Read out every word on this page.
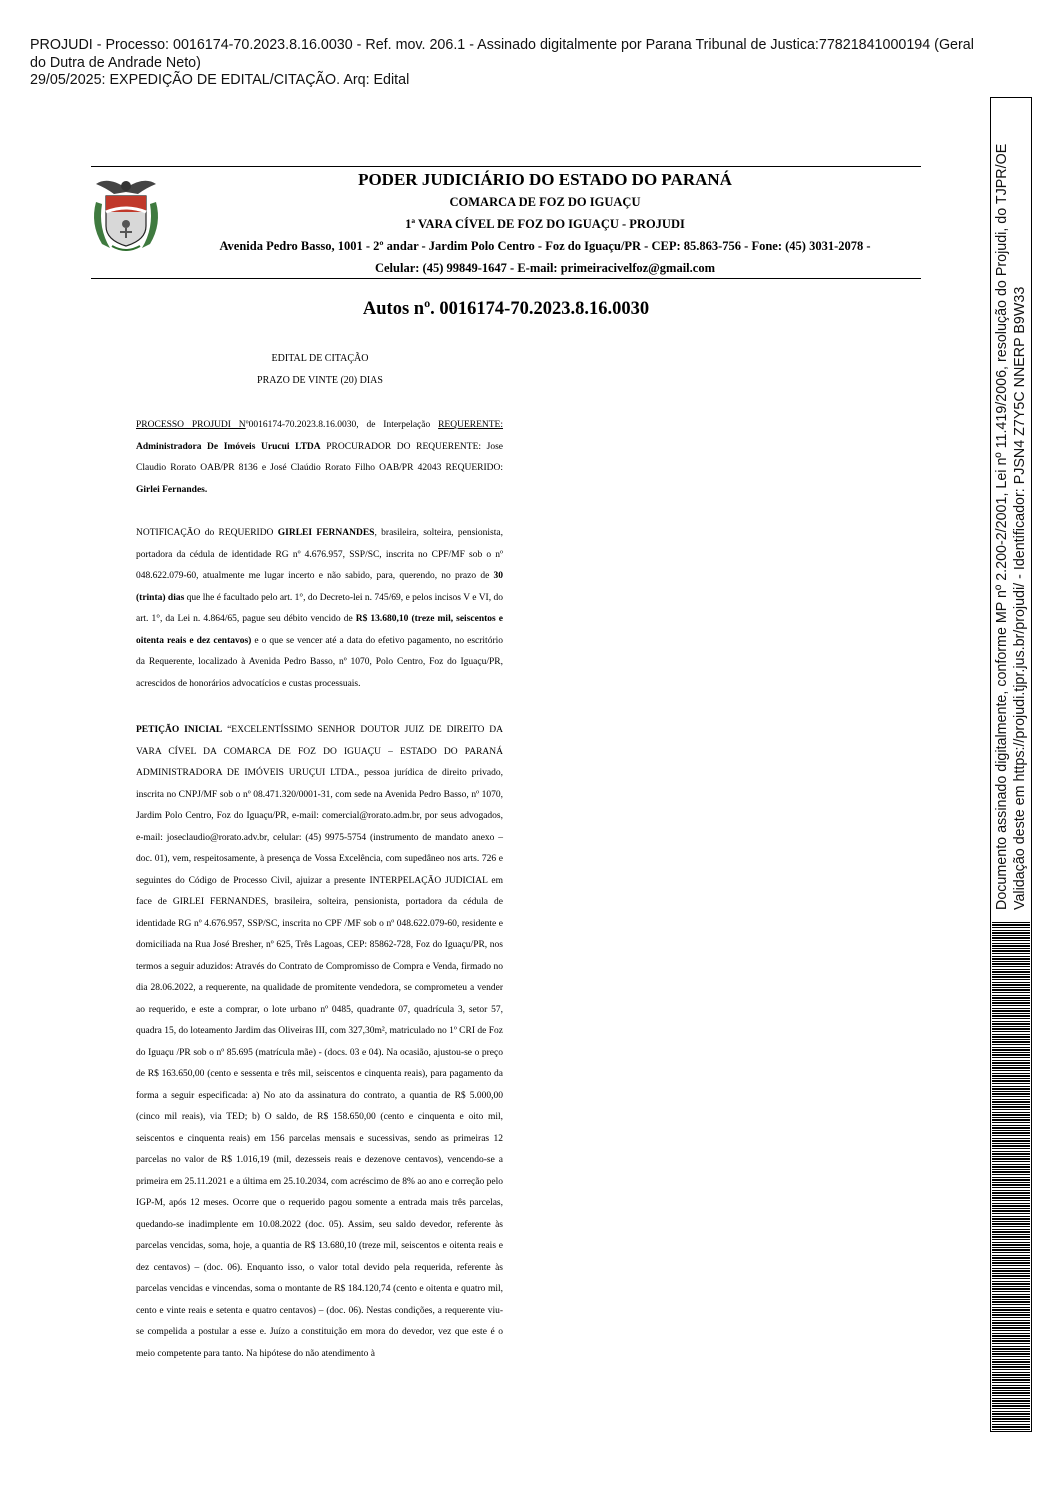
PROJUDI - Processo: 0016174-70.2023.8.16.0030 - Ref. mov. 206.1 - Assinado digitalmente por Parana Tribunal de Justica:77821841000194 (Geral
do Dutra de Andrade Neto)
29/05/2025: EXPEDIÇÃO DE EDITAL/CITAÇÃO. Arq: Edital
PODER JUDICIÁRIO DO ESTADO DO PARANÁ
COMARCA DE FOZ DO IGUAÇU
1ª VARA CÍVEL DE FOZ DO IGUAÇU - PROJUDI
Avenida Pedro Basso, 1001 - 2º andar - Jardim Polo Centro - Foz do Iguaçu/PR - CEP: 85.863-756 - Fone: (45) 3031-2078 -
Celular: (45) 99849-1647 - E-mail: primeiracivelfoz@gmail.com
Autos nº. 0016174-70.2023.8.16.0030
EDITAL DE CITAÇÃO
PRAZO DE VINTE (20) DIAS
PROCESSO PROJUDI Nº0016174-70.2023.8.16.0030, de Interpelação REQUERENTE: Administradora De Imóveis Urucui LTDA PROCURADOR DO REQUERENTE: Jose Claudio Rorato OAB/PR 8136 e José Claúdio Rorato Filho OAB/PR 42043 REQUERIDO: Girlei Fernandes.
NOTIFICAÇÃO do REQUERIDO GIRLEI FERNANDES, brasileira, solteira, pensionista, portadora da cédula de identidade RG nº 4.676.957, SSP/SC, inscrita no CPF/MF sob o nº 048.622.079-60, atualmente me lugar incerto e não sabido, para, querendo, no prazo de 30 (trinta) dias que lhe é facultado pelo art. 1°, do Decreto-lei n. 745/69, e pelos incisos V e VI, do art. 1°, da Lei n. 4.864/65, pague seu débito vencido de R$ 13.680,10 (treze mil, seiscentos e oitenta reais e dez centavos) e o que se vencer até a data do efetivo pagamento, no escritório da Requerente, localizado à Avenida Pedro Basso, nº 1070, Polo Centro, Foz do Iguaçu/PR, acrescidos de honorários advocatícios e custas processuais.
PETIÇÃO INICIAL “EXCELENTÍSSIMO SENHOR DOUTOR JUIZ DE DIREITO DA VARA CÍVEL DA COMARCA DE FOZ DO IGUAÇU – ESTADO DO PARANÁ ADMINISTRADORA DE IMÓVEIS URUÇUI LTDA., pessoa jurídica de direito privado, inscrita no CNPJ/MF sob o nº 08.471.320/0001-31, com sede na Avenida Pedro Basso, nº 1070, Jardim Polo Centro, Foz do Iguaçu/PR, e-mail: comercial@rorato.adm.br, por seus advogados, e-mail: joseclaudio@rorato.adv.br, celular: (45) 9975-5754 (instrumento de mandato anexo – doc. 01), vem, respeitosamente, à presença de Vossa Excelência, com supedâneo nos arts. 726 e seguintes do Código de Processo Civil, ajuizar a presente INTERPELAÇÃO JUDICIAL em face de GIRLEI FERNANDES, brasileira, solteira, pensionista, portadora da cédula de identidade RG nº 4.676.957, SSP/SC, inscrita no CPF /MF sob o nº 048.622.079-60, residente e domiciliada na Rua José Bresher, nº 625, Três Lagoas, CEP: 85862-728, Foz do Iguaçu/PR, nos termos a seguir aduzidos: Através do Contrato de Compromisso de Compra e Venda, firmado no dia 28.06.2022, a requerente, na qualidade de promitente vendedora, se comprometeu a vender ao requerido, e este a comprar, o lote urbano nº 0485, quadrante 07, quadrícula 3, setor 57, quadra 15, do loteamento Jardim das Oliveiras III, com 327,30m², matriculado no 1º CRI de Foz do Iguaçu /PR sob o nº 85.695 (matrícula mãe) - (docs. 03 e 04). Na ocasião, ajustou-se o preço de R$ 163.650,00 (cento e sessenta e três mil, seiscentos e cinquenta reais), para pagamento da forma a seguir especificada: a) No ato da assinatura do contrato, a quantia de R$ 5.000,00 (cinco mil reais), via TED; b) O saldo, de R$ 158.650,00 (cento e cinquenta e oito mil, seiscentos e cinquenta reais) em 156 parcelas mensais e sucessivas, sendo as primeiras 12 parcelas no valor de R$ 1.016,19 (mil, dezesseis reais e dezenove centavos), vencendo-se a primeira em 25.11.2021 e a última em 25.10.2034, com acréscimo de 8% ao ano e correção pelo IGP-M, após 12 meses. Ocorre que o requerido pagou somente a entrada mais três parcelas, quedando-se inadimplente em 10.08.2022 (doc. 05). Assim, seu saldo devedor, referente às parcelas vencidas, soma, hoje, a quantia de R$ 13.680,10 (treze mil, seiscentos e oitenta reais e dez centavos) – (doc. 06). Enquanto isso, o valor total devido pela requerida, referente às parcelas vencidas e vincendas, soma o montante de R$ 184.120,74 (cento e oitenta e quatro mil, cento e vinte reais e setenta e quatro centavos) – (doc. 06). Nestas condições, a requerente viu-se compelida a postular a esse e. Juízo a constituição em mora do devedor, vez que este é o meio competente para tanto. Na hipótese do não atendimento à
Documento assinado digitalmente, conforme MP nº 2.200-2/2001, Lei nº 11.419/2006, resolução do Projudi, do TJPR/OE Validação deste em https://projudi.tjpr.jus.br/projudi/ - Identificador: PJSN4 Z7Y5C NNERP B9W33
